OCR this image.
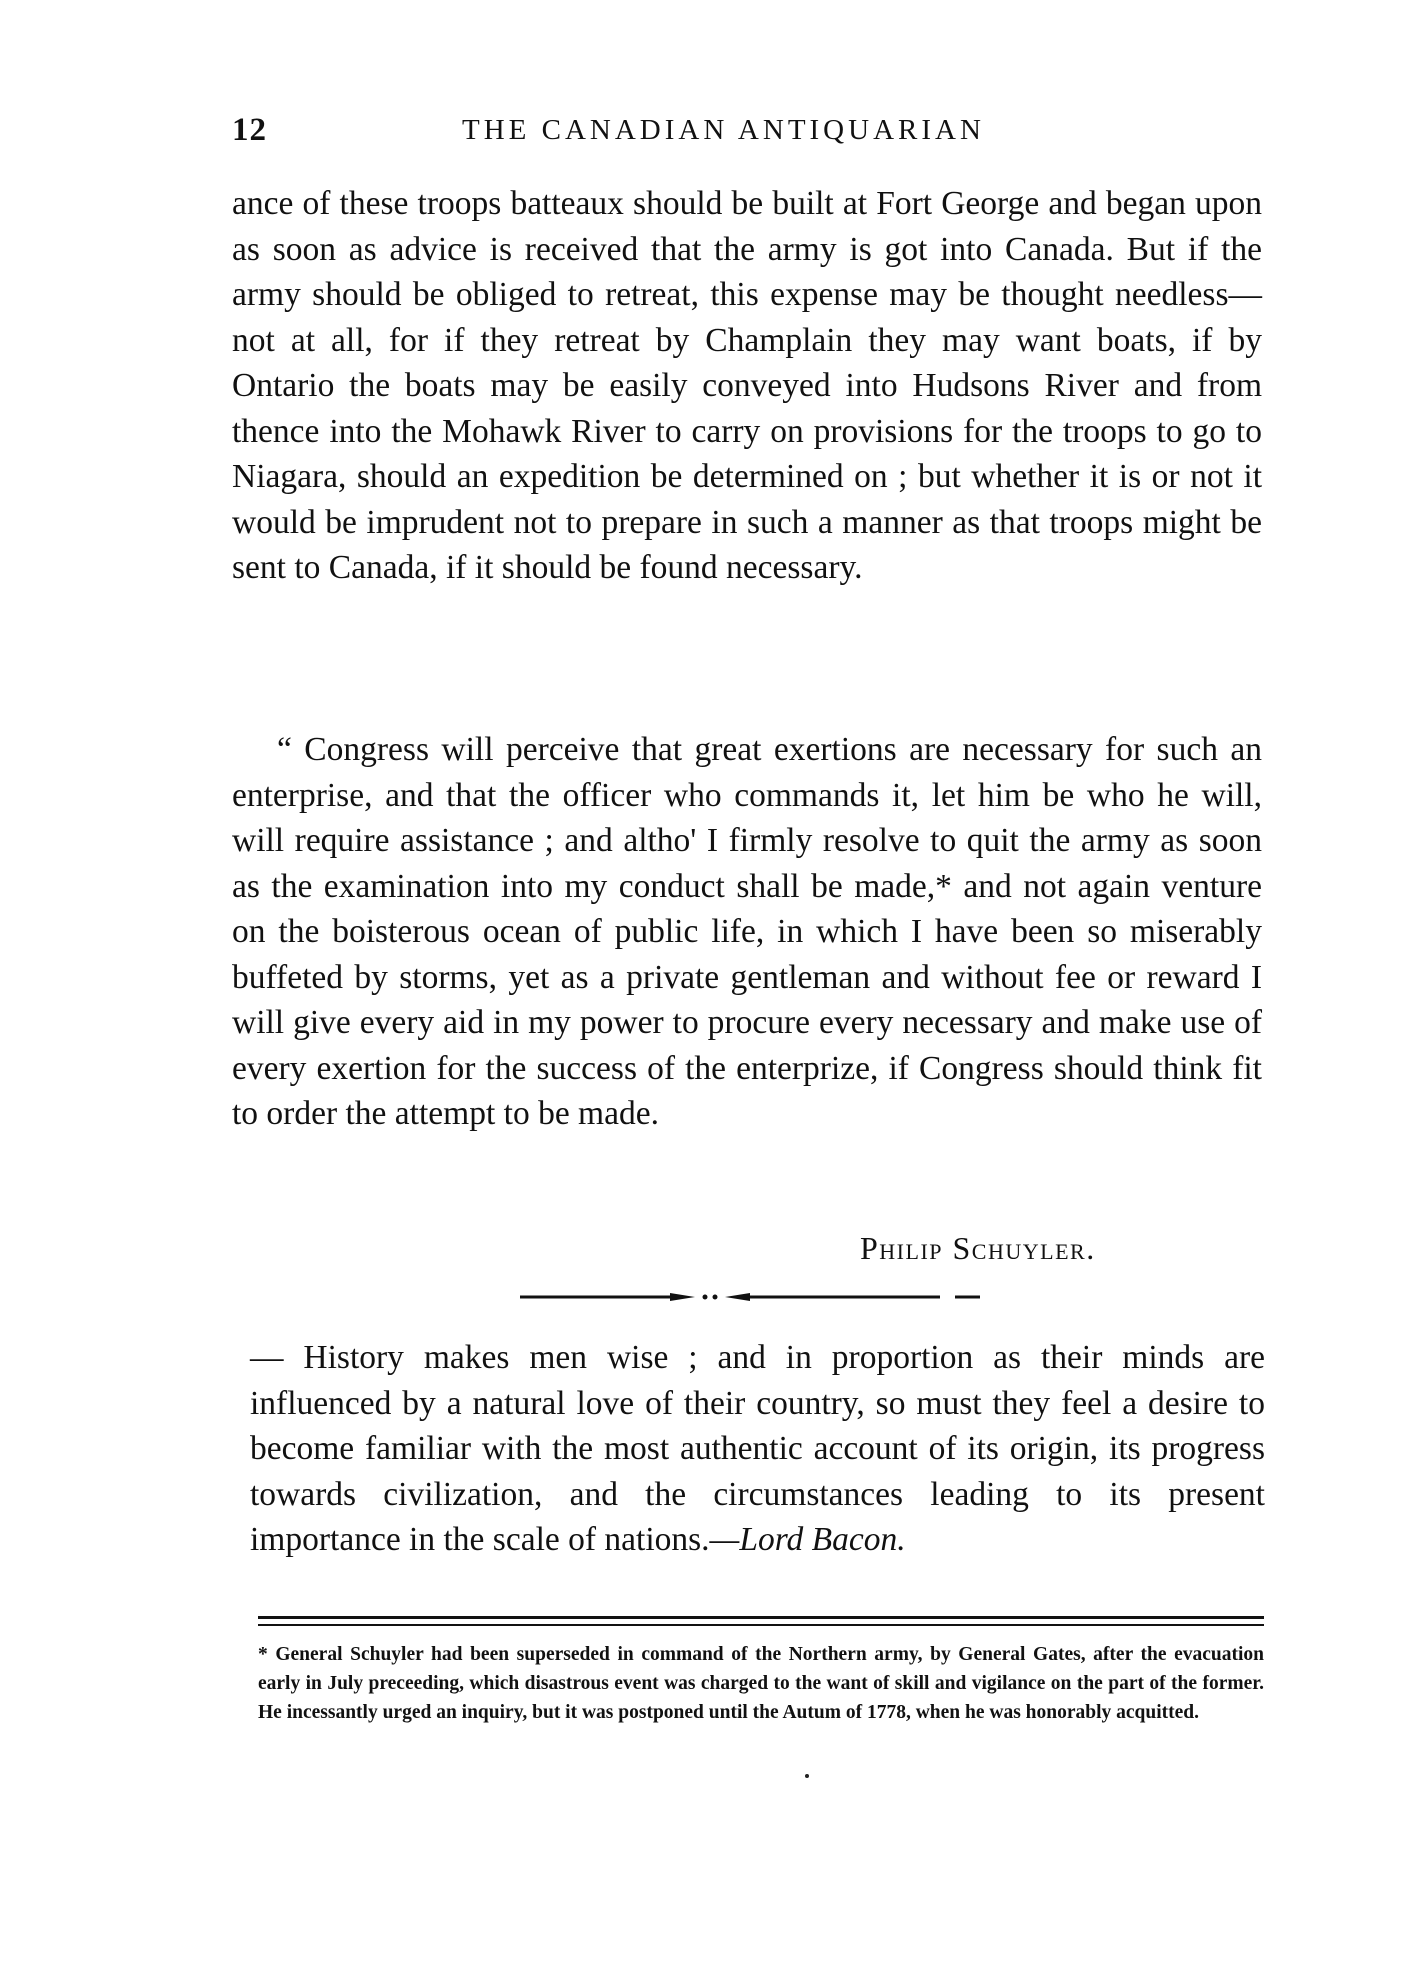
12	THE CANADIAN ANTIQUARIAN

ance of these troops batteaux should be built at Fort George and began upon as soon as advice is received that the army is got into Canada. But if the army should be obliged to retreat, this expense may be thought needless—not at all, for if they retreat by Champlain they may want boats, if by Ontario the boats may be easily conveyed into Hudsons River and from thence into the Mohawk River to carry on provisions for the troops to go to Niagara, should an expedition be determined on ; but whether it is or not it would be imprudent not to prepare in such a manner as that troops might be sent to Canada, if it should be found necessary.

“ Congress will perceive that great exertions are necessary for such an enterprise, and that the officer who commands it, let him be who he will, will require assistance ; and altho' I firmly resolve to quit the army as soon as the examination into my conduct shall be made,* and not again venture on the boisterous ocean of public life, in which I have been so miserably buffeted by storms, yet as a private gentleman and without fee or reward I will give every aid in my power to procure every necessary and make use of every exertion for the success of the enterprize, if Congress should think fit to order the attempt to be made.

Philip Schuyler.

— History makes men wise ; and in proportion as their minds are influenced by a natural love of their country, so must they feel a desire to become familiar with the most authentic account of its origin, its progress towards civilization, and the circumstances leading to its present importance in the scale of nations.—Lord Bacon.

* General Schuyler had been superseded in command of the Northern army, by General Gates, after the evacuation early in July preceeding, which disastrous event was charged to the want of skill and vigilance on the part of the former. He incessantly urged an inquiry, but it was postponed until the Autum of 1778, when he was honorably acquitted.
